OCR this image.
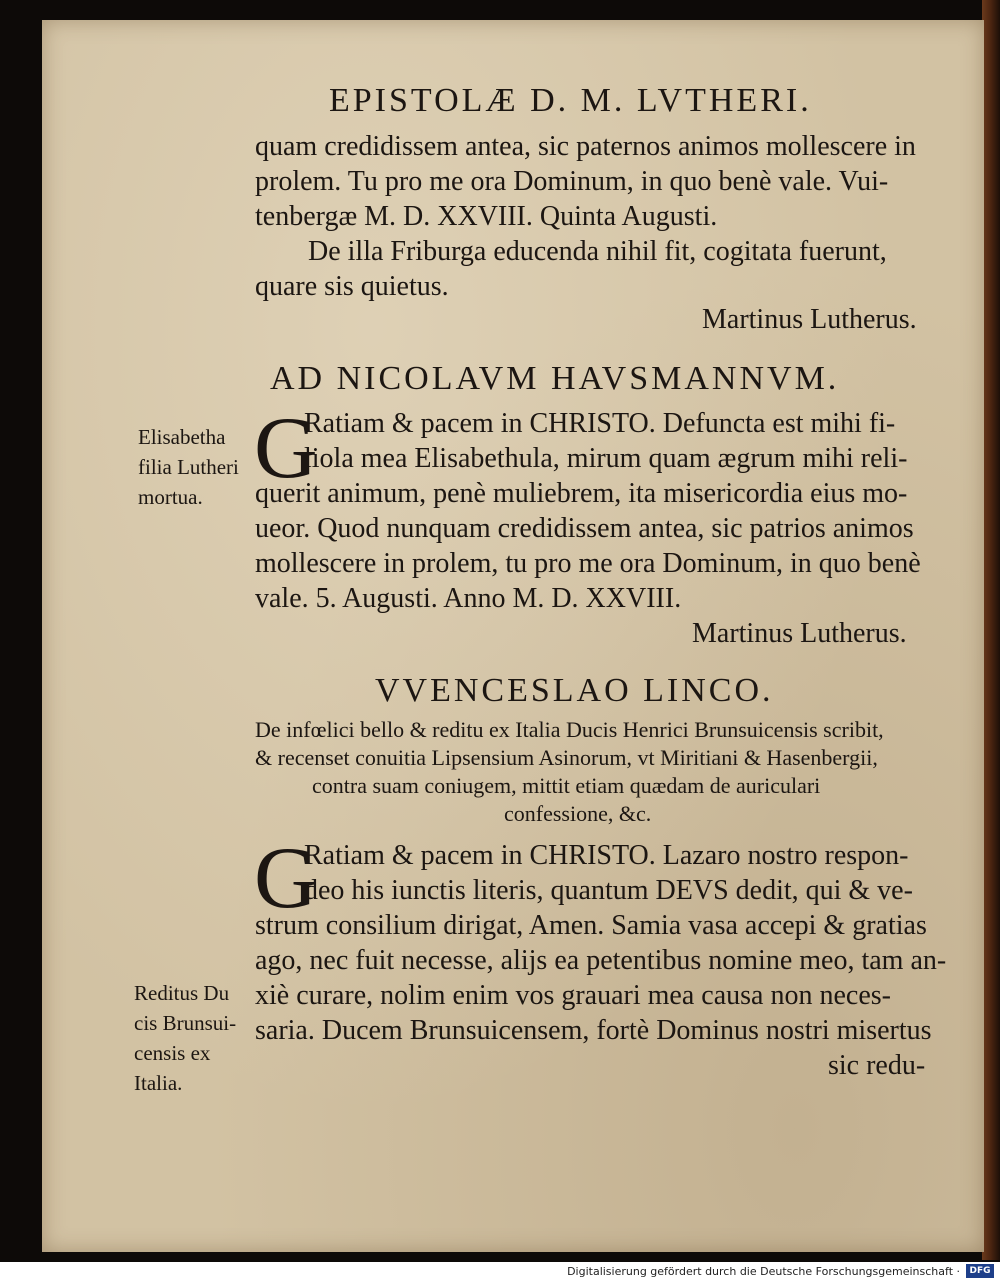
EPISTOLÆ D. M. LVTHERI.
quam credidissem antea, sic paternos animos mollescere in
prolem. Tu pro me ora Dominum, in quo benè vale. Vui-
tenbergæ M. D. XXVIII. Quinta Augusti.
De illa Friburga educenda nihil fit, cogitata fuerunt,
quare sis quietus.
Martinus Lutherus.
AD NICOLAVM HAVSMANNVM.
Elisabetha
filia Lutheri
mortua. G
Ratiam & pacem in CHRISTO. Defuncta est mihi fi-
liola mea Elisabethula, mirum quam ægrum mihi reli-
querit animum, penè muliebrem, ita misericordia eius mo-
ueor. Quod nunquam credidissem antea, sic patrios animos
mollescere in prolem, tu pro me ora Dominum, in quo benè
vale. 5. Augusti. Anno M. D. XXVIII.
Martinus Lutherus.
VVENCESLAO LINCO.
De infœlici bello & reditu ex Italia Ducis Henrici Brunsuicensis scribit,
& recenset conuitia Lipsensium Asinorum, vt Miritiani & Hasenbergii,
contra suam coniugem, mittit etiam quædam de auriculari
confessione, &c.
G
Ratiam & pacem in CHRISTO. Lazaro nostro respon-
deo his iunctis literis, quantum DEVS dedit, qui & ve-
strum consilium dirigat, Amen. Samia vasa accepi & gratias
ago, nec fuit necesse, alijs ea petentibus nomine meo, tam an-
xiè curare, nolim enim vos grauari mea causa non neces-
saria. Ducem Brunsuicensem, fortè Dominus nostri misertus
sic redu-
Reditus Du
cis Brunsui-
censis ex
Italia.
Digitalisierung gefördert durch die Deutsche Forschungsgemeinschaft ·	DFG
